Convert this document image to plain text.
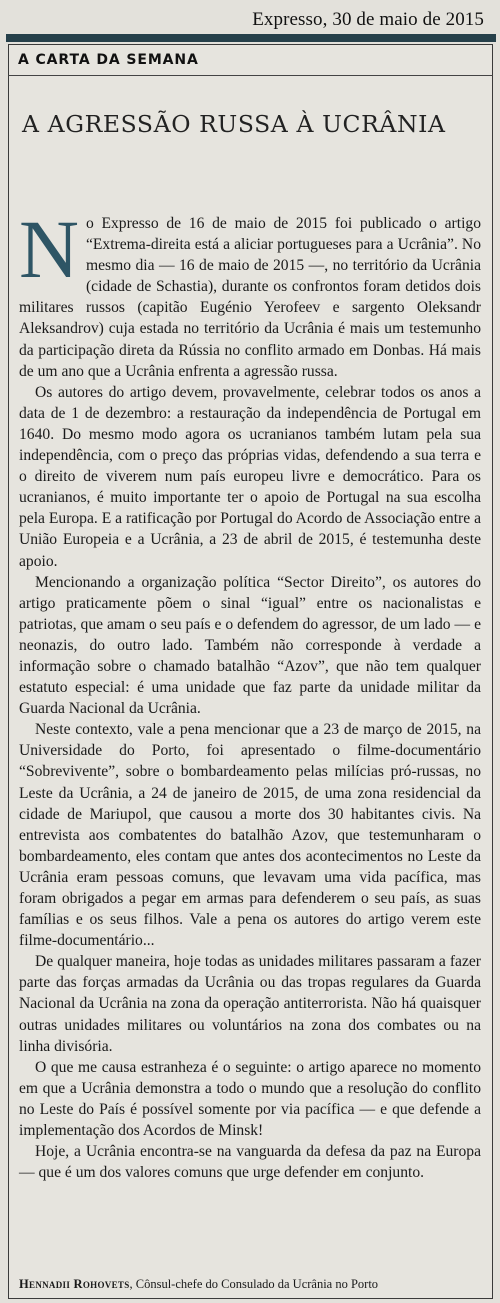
Expresso, 30 de maio de 2015
A CARTA DA SEMANA
A AGRESSÃO RUSSA À UCRÂNIA

No Expresso de 16 de maio de 2015 foi publicado o artigo “Extrema-direita está a aliciar portugueses para a Ucrânia”. No mesmo dia — 16 de maio de 2015 —, no território da Ucrânia (cidade de Schastia), durante os confrontos foram detidos dois militares russos (capitão Eugénio Yerofeev e sargento Oleksandr Aleksandrov) cuja estada no território da Ucrânia é mais um testemunho da participação direta da Rússia no conflito armado em Donbas. Há mais de um ano que a Ucrânia enfrenta a agressão russa.

Os autores do artigo devem, provavelmente, celebrar todos os anos a data de 1 de dezembro: a restauração da independência de Portugal em 1640. Do mesmo modo agora os ucranianos também lutam pela sua independência, com o preço das próprias vidas, defendendo a sua terra e o direito de viverem num país europeu livre e democrático. Para os ucranianos, é muito importante ter o apoio de Portugal na sua escolha pela Europa. E a ratificação por Portugal do Acordo de Associação entre a União Europeia e a Ucrânia, a 23 de abril de 2015, é testemunha deste apoio.

Mencionando a organização política “Sector Direito”, os autores do artigo praticamente põem o sinal “igual” entre os nacionalistas e patriotas, que amam o seu país e o defendem do agressor, de um lado — e neonazis, do outro lado. Também não corresponde à verdade a informação sobre o chamado batalhão “Azov”, que não tem qualquer estatuto especial: é uma unidade que faz parte da unidade militar da Guarda Nacional da Ucrânia.

Neste contexto, vale a pena mencionar que a 23 de março de 2015, na Universidade do Porto, foi apresentado o filme-documentário “Sobrevivente”, sobre o bombardeamento pelas milícias pró-russas, no Leste da Ucrânia, a 24 de janeiro de 2015, de uma zona residencial da cidade de Mariupol, que causou a morte dos 30 habitantes civis. Na entrevista aos combatentes do batalhão Azov, que testemunharam o bombardeamento, eles contam que antes dos acontecimentos no Leste da Ucrânia eram pessoas comuns, que levavam uma vida pacífica, mas foram obrigados a pegar em armas para defenderem o seu país, as suas famílias e os seus filhos. Vale a pena os autores do artigo verem este filme-documentário...

De qualquer maneira, hoje todas as unidades militares passaram a fazer parte das forças armadas da Ucrânia ou das tropas regulares da Guarda Nacional da Ucrânia na zona da operação antiterrorista. Não há quaisquer outras unidades militares ou voluntários na zona dos combates ou na linha divisória.

O que me causa estranheza é o seguinte: o artigo aparece no momento em que a Ucrânia demonstra a todo o mundo que a resolução do conflito no Leste do País é possível somente por via pacífica — e que defende a implementação dos Acordos de Minsk!

Hoje, a Ucrânia encontra-se na vanguarda da defesa da paz na Europa — que é um dos valores comuns que urge defender em conjunto.

Hennadii Rohovets, Cônsul-chefe do Consulado da Ucrânia no Porto
